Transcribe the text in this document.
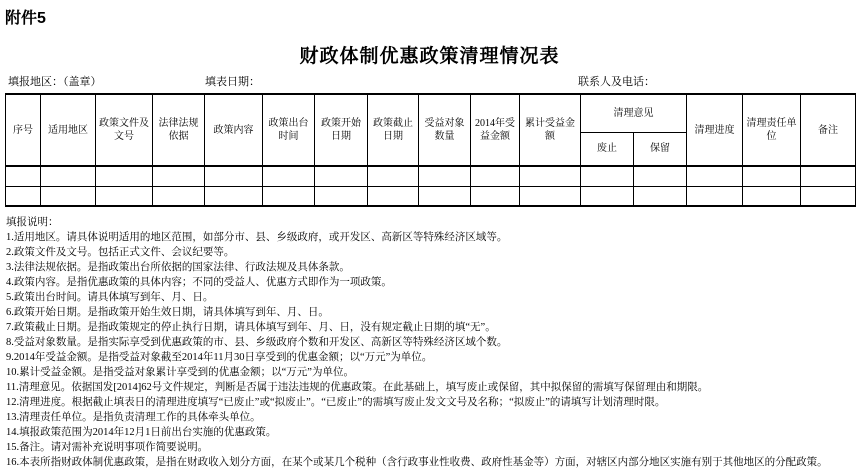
附件5
财政体制优惠政策清理情况表
填报地区：（盖章）	填表日期：	联系人及电话：
序号	适用地区	政策文件及文号	法律法规依据	政策内容	政策出台时间	政策开始日期	政策截止日期	受益对象数量	2014年受益金额	累计受益金额	清理意见		清理进度	清理责任单位	备注
											废止	保留			

填报说明：
1.适用地区。请具体说明适用的地区范围，如部分市、县、乡级政府，或开发区、高新区等特殊经济区域等。
2.政策文件及文号。包括正式文件、会议纪要等。
3.法律法规依据。是指政策出台所依据的国家法律、行政法规及具体条款。
4.政策内容。是指优惠政策的具体内容；不同的受益人、优惠方式即作为一项政策。
5.政策出台时间。请具体填写到年、月、日。
6.政策开始日期。是指政策开始生效日期，请具体填写到年、月、日。
7.政策截止日期。是指政策规定的停止执行日期，请具体填写到年、月、日，没有规定截止日期的填“无”。
8.受益对象数量。是指实际享受到优惠政策的市、县、乡级政府个数和开发区、高新区等特殊经济区域个数。
9.2014年受益金额。是指受益对象截至2014年11月30日享受到的优惠金额；以“万元”为单位。
10.累计受益金额。是指受益对象累计享受到的优惠金额；以“万元”为单位。
11.清理意见。依据国发[2014]62号文件规定，判断是否属于违法违规的优惠政策。在此基础上，填写废止或保留，其中拟保留的需填写保留理由和期限。
12.清理进度。根据截止填表日的清理进度填写“已废止”或“拟废止”。“已废止”的需填写废止发文文号及名称；“拟废止”的请填写计划清理时限。
13.清理责任单位。是指负责清理工作的具体牵头单位。
14.填报政策范围为2014年12月1日前出台实施的优惠政策。
15.备注。请对需补充说明事项作简要说明。
16.本表所指财政体制优惠政策，是指在财政收入划分方面，在某个或某几个税种（含行政事业性收费、政府性基金等）方面，对辖区内部分地区实施有别于其他地区的分配政策。
